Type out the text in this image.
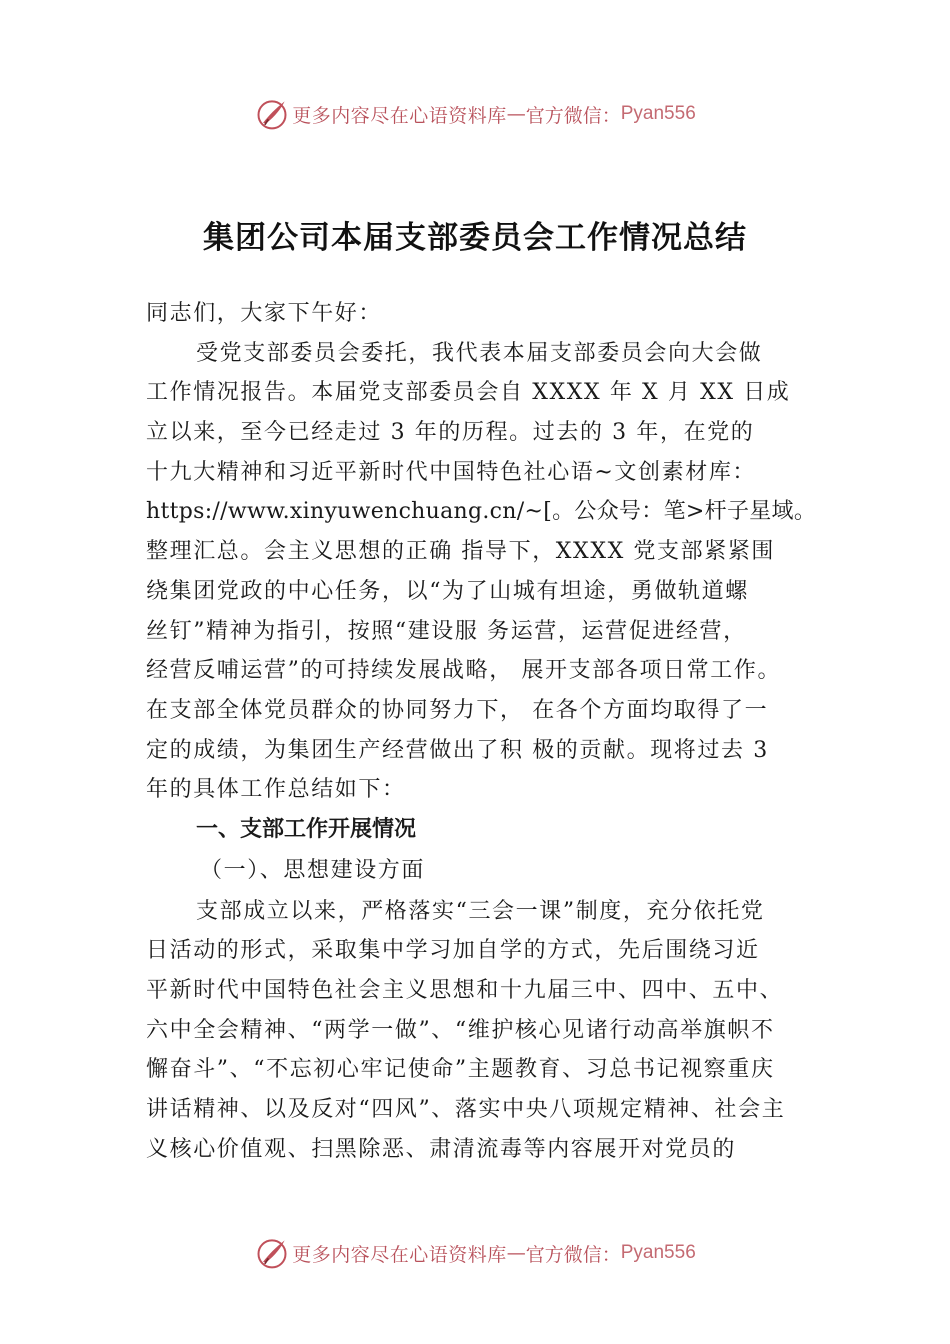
更多内容尽在心语资料库 — 官方微信： Pyan556
集团公司本届支部委员会工作情况总结

同志们，大家下午好：

受党支部委员会委托，我代表本届支部委员会向大会做

工作情况报告。本届党支部委员会自 XXXX 年 X 月 XX 日成

立以来，至今已经走过 3 年的历程。过去的 3 年，在党的

十九大精神和习近平新时代中国特色社心语~文创素材库：

https://www.xinyuwenchuang.cn/~[。公众号：笔>杆子星域。

整理汇总。会主义思想的正确 指导下，XXXX 党支部紧紧围

绕集团党政的中心任务，以“为了山城有坦途，勇做轨道螺

丝钉”精神为指引，按照“建设服 务运营，运营促进经营，

经营反哺运营”的可持续发展战略， 展开支部各项日常工作。

在支部全体党员群众的协同努力下， 在各个方面均取得了一

定的成绩，为集团生产经营做出了积 极的贡献。现将过去 3

年的具体工作总结如下：

一、支部工作开展情况

（一）、思想建设方面

支部成立以来，严格落实“三会一课”制度，充分依托党

日活动的形式，采取集中学习加自学的方式，先后围绕习近

平新时代中国特色社会主义思想和十九届三中、四中、五中、

六中全会精神、“两学一做”、“维护核心见诸行动高举旗帜不

懈奋斗”、“不忘初心牢记使命”主题教育、习总书记视察重庆

讲话精神、以及反对“四风”、落实中央八项规定精神、社会主

义核心价值观、扫黑除恶、肃清流毒等内容展开对党员的

更多内容尽在心语资料库 — 官方微信： Pyan556
